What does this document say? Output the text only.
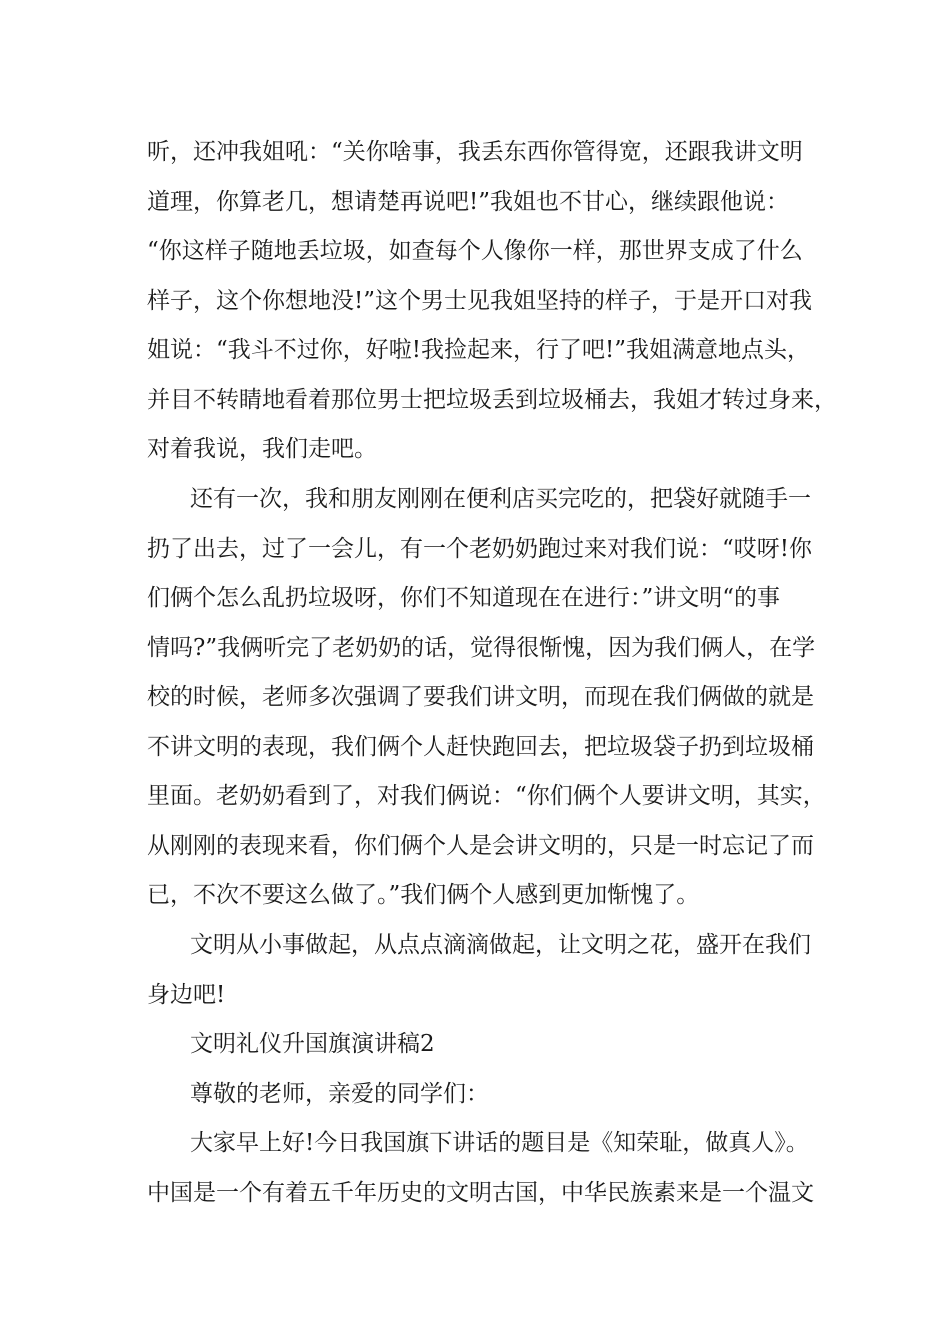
听，还冲我姐吼：“关你啥事，我丢东西你管得宽，还跟我讲文明
道理，你算老几，想请楚再说吧!”我姐也不甘心，继续跟他说：
“你这样子随地丢垃圾，如查每个人像你一样，那世界支成了什么
样子，这个你想地没!”这个男士见我姐坚持的样子，于是开口对我
姐说：“我斗不过你，好啦!我捡起来，行了吧!”我姐满意地点头，
并目不转睛地看着那位男士把垃圾丢到垃圾桶去，我姐才转过身来，
对着我说，我们走吧。
还有一次，我和朋友刚刚在便利店买完吃的，把袋好就随手一
扔了出去，过了一会儿，有一个老奶奶跑过来对我们说：“哎呀!你
们俩个怎么乱扔垃圾呀，你们不知道现在在进行：”讲文明“的事
情吗?”我俩听完了老奶奶的话，觉得很惭愧，因为我们俩人，在学
校的时候，老师多次强调了要我们讲文明，而现在我们俩做的就是
不讲文明的表现，我们俩个人赶快跑回去，把垃圾袋子扔到垃圾桶
里面。老奶奶看到了，对我们俩说：“你们俩个人要讲文明，其实，
从刚刚的表现来看，你们俩个人是会讲文明的，只是一时忘记了而
已，不次不要这么做了。”我们俩个人感到更加惭愧了。
文明从小事做起，从点点滴滴做起，让文明之花，盛开在我们
身边吧!
文明礼仪升国旗演讲稿2
尊敬的老师，亲爱的同学们：
大家早上好!今日我国旗下讲话的题目是《知荣耻，做真人》。
中国是一个有着五千年历史的文明古国，中华民族素来是一个温文
